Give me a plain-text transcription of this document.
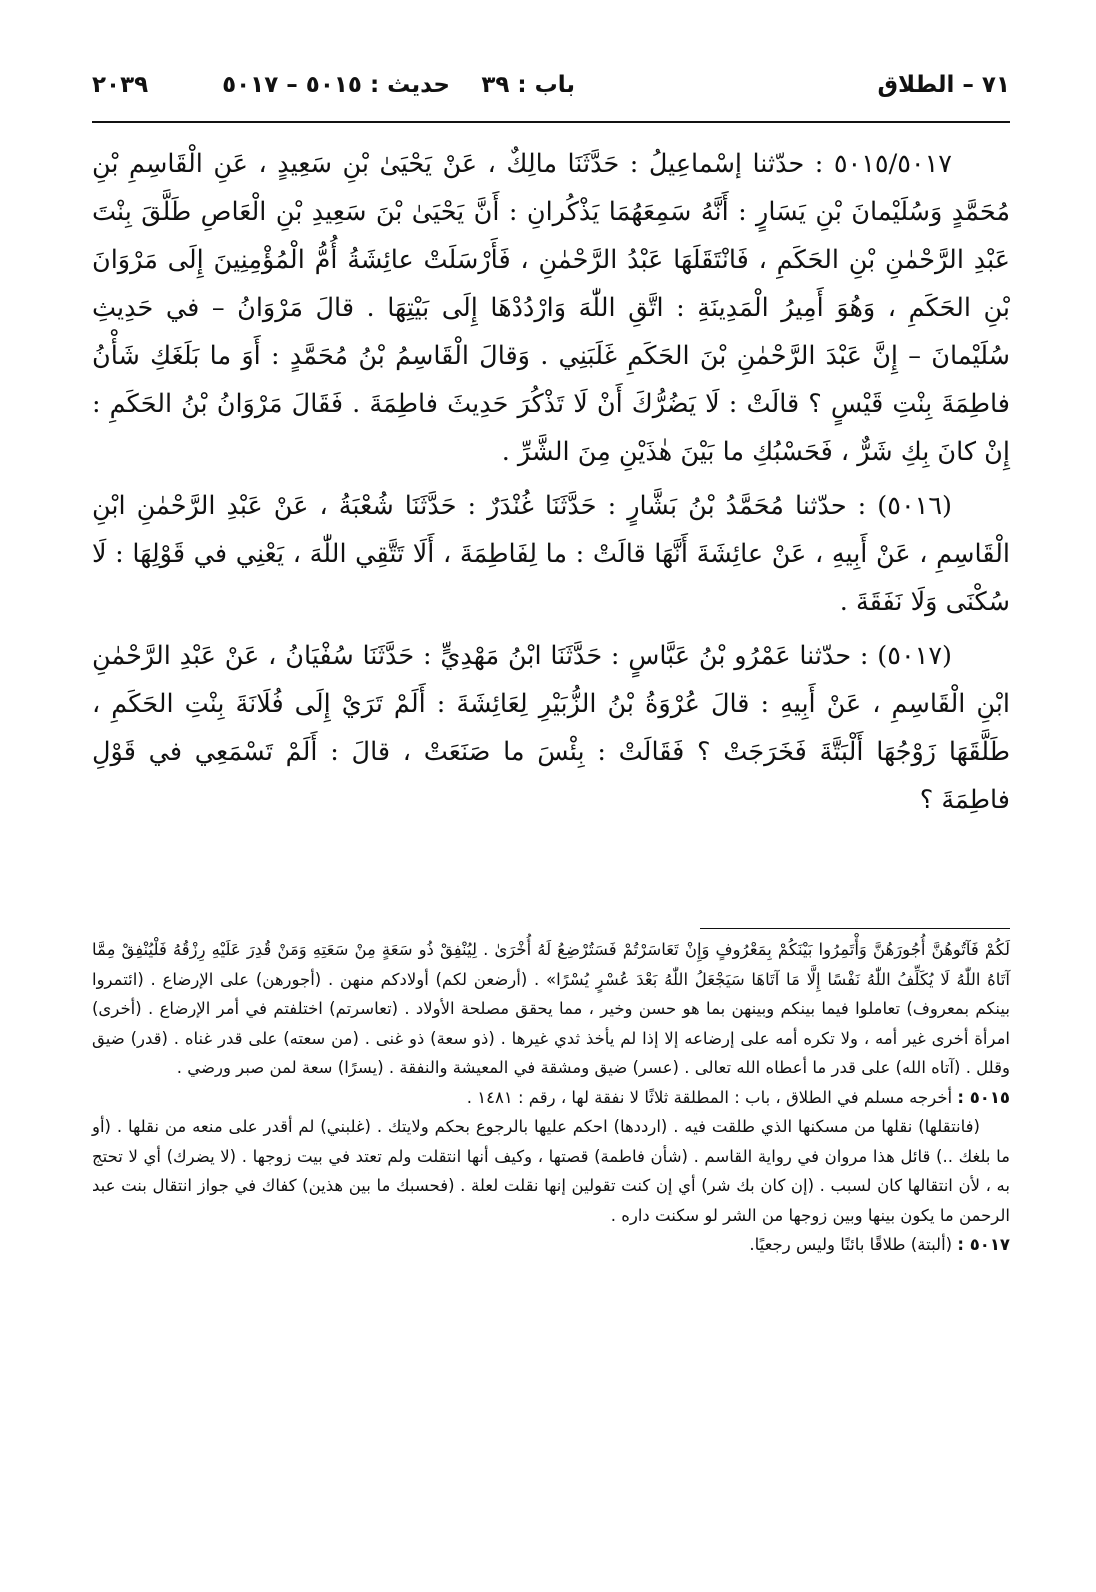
٧١ – الطلاق
باب : ٣٩
حديث : ٥٠١٥ – ٥٠١٧
٢٠٣٩

٥٠١٥/٥٠١٧ : حدّثنا إسْماعِيلُ : حَدَّثَنَا مالِكٌ ، عَنْ يَحْيَىٰ بْنِ سَعِيدٍ ، عَنِ الْقَاسِمِ بْنِ مُحَمَّدٍ وَسُلَيْمانَ بْنِ يَسَارٍ : أَنَّهُ سَمِعَهُمَا يَذْكُرانِ : أَنَّ يَحْيَىٰ بْنَ سَعِيدِ بْنِ الْعَاصِ طَلَّقَ بِنْتَ عَبْدِ الرَّحْمٰنِ بْنِ الحَكَمِ ، فَانْتَقَلَهَا عَبْدُ الرَّحْمٰنِ ، فَأَرْسَلَتْ عائِشَةُ أُمُّ الْمُؤْمِنِينَ إِلَى مَرْوَانَ بْنِ الحَكَمِ ، وَهُوَ أَمِيرُ الْمَدِينَةِ : اتَّقِ اللّٰهَ وَارْدُدْهَا إِلَى بَيْتِهَا . قالَ مَرْوَانُ – في حَدِيثِ سُلَيْمانَ – إِنَّ عَبْدَ الرَّحْمٰنِ بْنَ الحَكَمِ غَلَبَنِي . وَقالَ الْقَاسِمُ بْنُ مُحَمَّدٍ : أَوَ ما بَلَغَكِ شَأْنُ فاطِمَةَ بِنْتِ قَيْسٍ ؟ قالَتْ : لَا يَضُرُّكَ أَنْ لَا تَذْكُرَ حَدِيثَ فاطِمَةَ . فَقَالَ مَرْوَانُ بْنُ الحَكَمِ : إِنْ كانَ بِكِ شَرٌّ ، فَحَسْبُكِ ما بَيْنَ هٰذَيْنِ مِنَ الشَّرِّ .

(٥٠١٦) : حدّثنا مُحَمَّدُ بْنُ بَشَّارٍ : حَدَّثَنَا غُنْدَرٌ : حَدَّثَنَا شُعْبَةُ ، عَنْ عَبْدِ الرَّحْمٰنِ ابْنِ الْقَاسِمِ ، عَنْ أَبِيهِ ، عَنْ عائِشَةَ أَنَّهَا قالَتْ : ما لِفَاطِمَةَ ، أَلَا تَتَّقِي اللّٰهَ ، يَعْنِي في قَوْلِهَا : لَا سُكْنَى وَلَا نَفَقَةَ .

(٥٠١٧) : حدّثنا عَمْرُو بْنُ عَبَّاسٍ : حَدَّثَنَا ابْنُ مَهْدِيٍّ : حَدَّثَنَا سُفْيَانُ ، عَنْ عَبْدِ الرَّحْمٰنِ ابْنِ الْقَاسِمِ ، عَنْ أَبِيهِ : قالَ عُرْوَةُ بْنُ الزُّبَيْرِ لِعَائِشَةَ : أَلَمْ تَرَيْ إِلَى فُلَانَةَ بِنْتِ الحَكَمِ ، طَلَّقَهَا زَوْجُهَا أَلْبَتَّةَ فَخَرَجَتْ ؟ فَقَالَتْ : بِئْسَ ما صَنَعَتْ ، قالَ : أَلَمْ تَسْمَعِي في قَوْلِ فاطِمَةَ ؟

لَكُمْ فَآتُوهُنَّ أُجُورَهُنَّ وَأْتَمِرُوا بَيْنَكُمْ بِمَعْرُوفٍ وَإِنْ تَعَاسَرْتُمْ فَسَتُرْضِعُ لَهُ أُخْرَىٰ . لِيُنْفِقْ ذُو سَعَةٍ مِنْ سَعَتِهِ وَمَنْ قُدِرَ عَلَيْهِ رِزْقُهُ فَلْيُنْفِقْ مِمَّا آتَاهُ اللّٰهُ لَا يُكَلِّفُ اللّٰهُ نَفْسًا إِلَّا مَا آتَاهَا سَيَجْعَلُ اللّٰهُ بَعْدَ عُسْرٍ يُسْرًا» . (أرضعن لكم) أولادكم منهن . (أجورهن) على الإرضاع . (ائتمروا بينكم بمعروف) تعاملوا فيما بينكم وبينهن بما هو حسن وخير ، مما يحقق مصلحة الأولاد . (تعاسرتم) اختلفتم في أمر الإرضاع . (أخرى) امرأة أخرى غير أمه ، ولا تكره أمه على إرضاعه إلا إذا لم يأخذ ثدي غيرها . (ذو سعة) ذو غنى . (من سعته) على قدر غناه . (قدر) ضيق وقلل . (آتاه الله) على قدر ما أعطاه الله تعالى . (عسر) ضيق ومشقة في المعيشة والنفقة . (يسرًا) سعة لمن صبر ورضي .

٥٠١٥ : أخرجه مسلم في الطلاق ، باب : المطلقة ثلاثًا لا نفقة لها ، رقم : ١٤٨١ .

(فانتقلها) نقلها من مسكنها الذي طلقت فيه . (ارددها) احكم عليها بالرجوع بحكم ولايتك . (غلبني) لم أقدر على منعه من نقلها . (أو ما بلغك ..) قائل هذا مروان في رواية القاسم . (شأن فاطمة) قصتها ، وكيف أنها انتقلت ولم تعتد في بيت زوجها . (لا يضرك) أي لا تحتج به ، لأن انتقالها كان لسبب . (إن كان بك شر) أي إن كنت تقولين إنها نقلت لعلة . (فحسبك ما بين هذين) كفاك في جواز انتقال بنت عبد الرحمن ما يكون بينها وبين زوجها من الشر لو سكنت داره .

٥٠١٧ : (ألبتة) طلاقًا بائنًا وليس رجعيًا.
